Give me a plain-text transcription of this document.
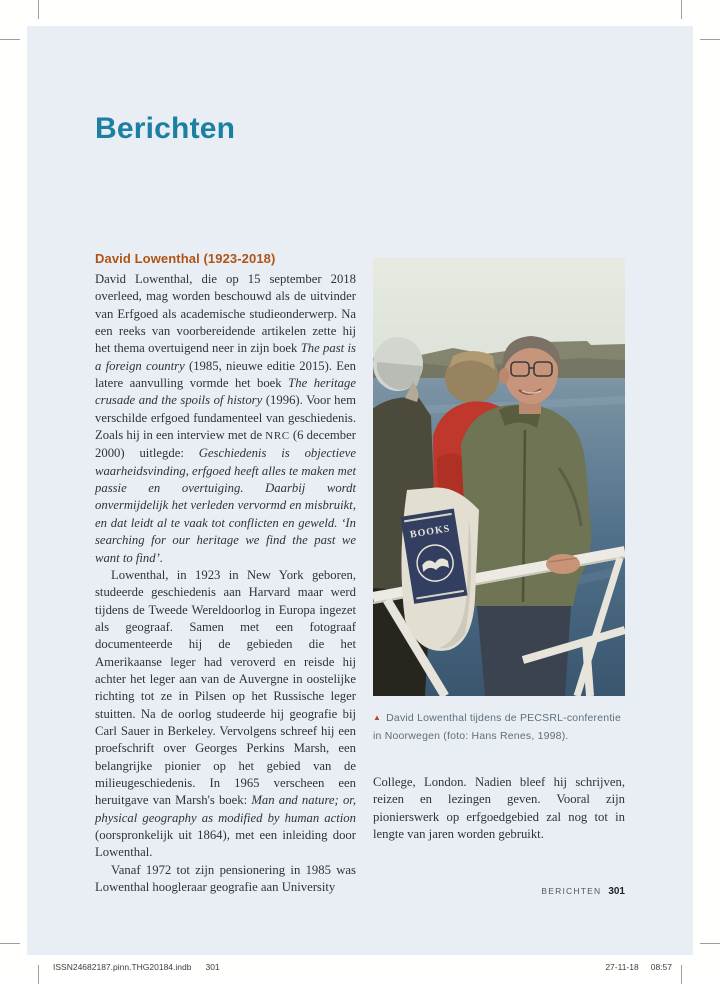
Berichten
David Lowenthal (1923-2018)

David Lowenthal, die op 15 september 2018 overleed, mag worden beschouwd als de uitvinder van Erfgoed als academische studieonderwerp. Na een reeks van voorbereidende artikelen zette hij het thema overtuigend neer in zijn boek The past is a foreign country (1985, nieuwe editie 2015). Een latere aanvulling vormde het boek The heritage crusade and the spoils of history (1996). Voor hem verschilde erfgoed fundamenteel van geschiedenis. Zoals hij in een interview met de NRC (6 december 2000) uitlegde: Geschiedenis is objectieve waarheidsvinding, erfgoed heeft alles te maken met passie en overtuiging. Daarbij wordt onvermijdelijk het verleden vervormd en misbruikt, en dat leidt al te vaak tot conflicten en geweld. ‘In searching for our heritage we find the past we want to find’.

Lowenthal, in 1923 in New York geboren, studeerde geschiedenis aan Harvard maar werd tijdens de Tweede Wereldoorlog in Europa ingezet als geograaf. Samen met een fotograaf documenteerde hij de gebieden die het Amerikaanse leger had veroverd en reisde hij achter het leger aan van de Auvergne in oostelijke richting tot ze in Pilsen op het Russische leger stuitten. Na de oorlog studeerde hij geografie bij Carl Sauer in Berkeley. Vervolgens schreef hij een proefschrift over Georges Perkins Marsh, een belangrijke pionier op het gebied van de milieugeschiedenis. In 1965 verscheen een heruitgave van Marsh's boek: Man and nature; or, physical geography as modified by human action (oorspronkelijk uit 1864), met een inleiding door Lowenthal.

Vanaf 1972 tot zijn pensionering in 1985 was Lowenthal hoogleraar geografie aan University

BOOKS
▲ David Lowenthal tijdens de PECSRL-conferentie in Noorwegen (foto: Hans Renes, 1998).

College, London. Nadien bleef hij schrijven, reizen en lezingen geven. Vooral zijn pionierswerk op erfgoedgebied zal nog tot in lengte van jaren worden gebruikt.

BERICHTEN 301
ISSN24682187.pinn.THG20184.indb 301	27-11-18 08:57
